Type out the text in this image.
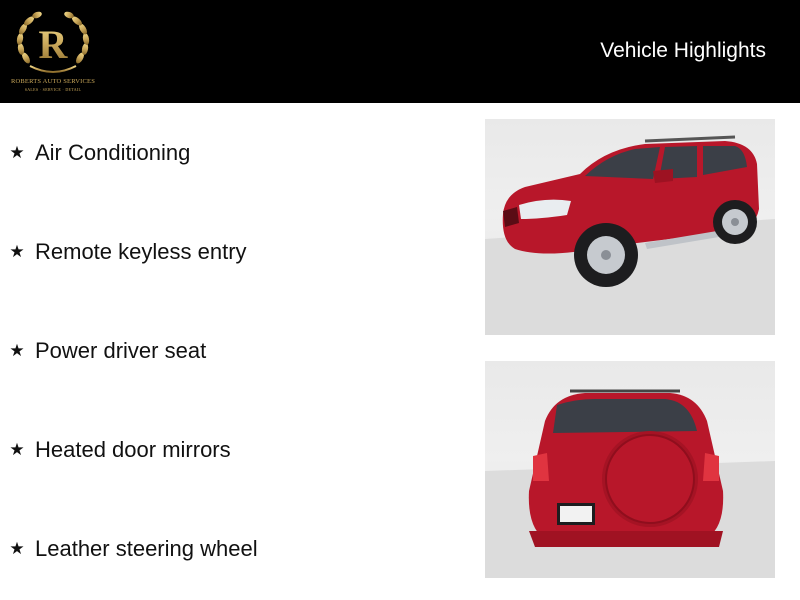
R
ROBERTS AUTO SERVICES
SALES · SERVICE · DETAIL
Vehicle Highlights
★ Air Conditioning
★ Remote keyless entry
★ Power driver seat
★ Heated door mirrors
★ Leather steering wheel
